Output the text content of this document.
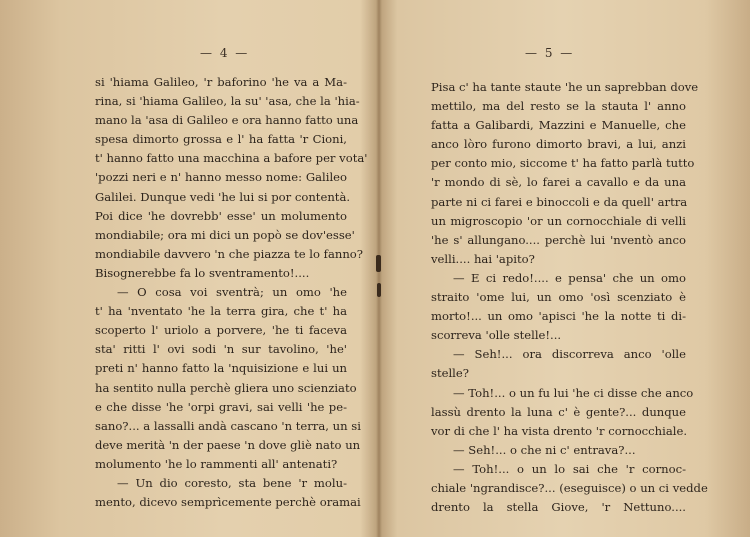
— 4 —
si 'hiama Galileo, 'r baforino 'he va a Ma-
rina, si 'hiama Galileo, la su' 'asa, che la 'hia-
mano la 'asa di Galileo e ora hanno fatto una
spesa dimorto grossa e l' ha fatta 'r Cioni,
t' hanno fatto una macchina a bafore per vota'
'pozzi neri e n' hanno messo nome: Galileo
Galilei. Dunque vedi 'he lui si por contentà.
Poi dice 'he dovrebb' esse' un molumento
mondiabile; ora mi dici un popò se dov'esse'
mondiabile davvero 'n che piazza te lo fanno?
Bisognerebbe fa lo sventramento!....
— O cosa voi sventrà; un omo 'he
t' ha 'nventato 'he la terra gira, che t' ha
scoperto l' uriolo a porvere, 'he ti faceva
sta' ritti l' ovi sodi 'n sur tavolino, 'he'
preti n' hanno fatto la 'nquisizione e lui un
ha sentito nulla perchè gliera uno scienziato
e che disse 'he 'orpi gravi, sai velli 'he pe-
sano?... a lassalli andà cascano 'n terra, un si
deve merità 'n der paese 'n dove gliè nato un
molumento 'he lo rammenti all' antenati?
— Un dio coresto, sta bene 'r molu-
mento, dicevo semprìcemente perchè oramai
— 5 —
Pisa c' ha tante staute 'he un saprebban dove
mettilo, ma del resto se la stauta l' anno
fatta a Galibardi, Mazzini e Manuelle, che
anco lòro furono dimorto bravi, a lui, anzi
per conto mio, siccome t' ha fatto parlà tutto
'r mondo di sè, lo farei a cavallo e da una
parte ni ci farei e binoccoli e da quell' artra
un migroscopio 'or un cornocchiale di velli
'he s' allungano.... perchè lui 'nventò anco
velli.... hai 'apito?
— E ci redo!.... e pensa' che un omo
straito 'ome lui, un omo 'osì scenziato è
morto!... un omo 'apisci 'he la notte ti di-
scorreva 'olle stelle!...
— Seh!... ora discorreva anco 'olle
stelle?
— Toh!... o un fu lui 'he ci disse che anco
lassù drento la luna c' è gente?... dunque
vor di che l' ha vista drento 'r cornocchiale.
— Seh!... o che ni c' entrava?...
— Toh!... o un lo sai che 'r cornoc-
chiale 'ngrandisce?... (eseguisce) o un ci vedde
drento la stella Giove, 'r Nettuno....
